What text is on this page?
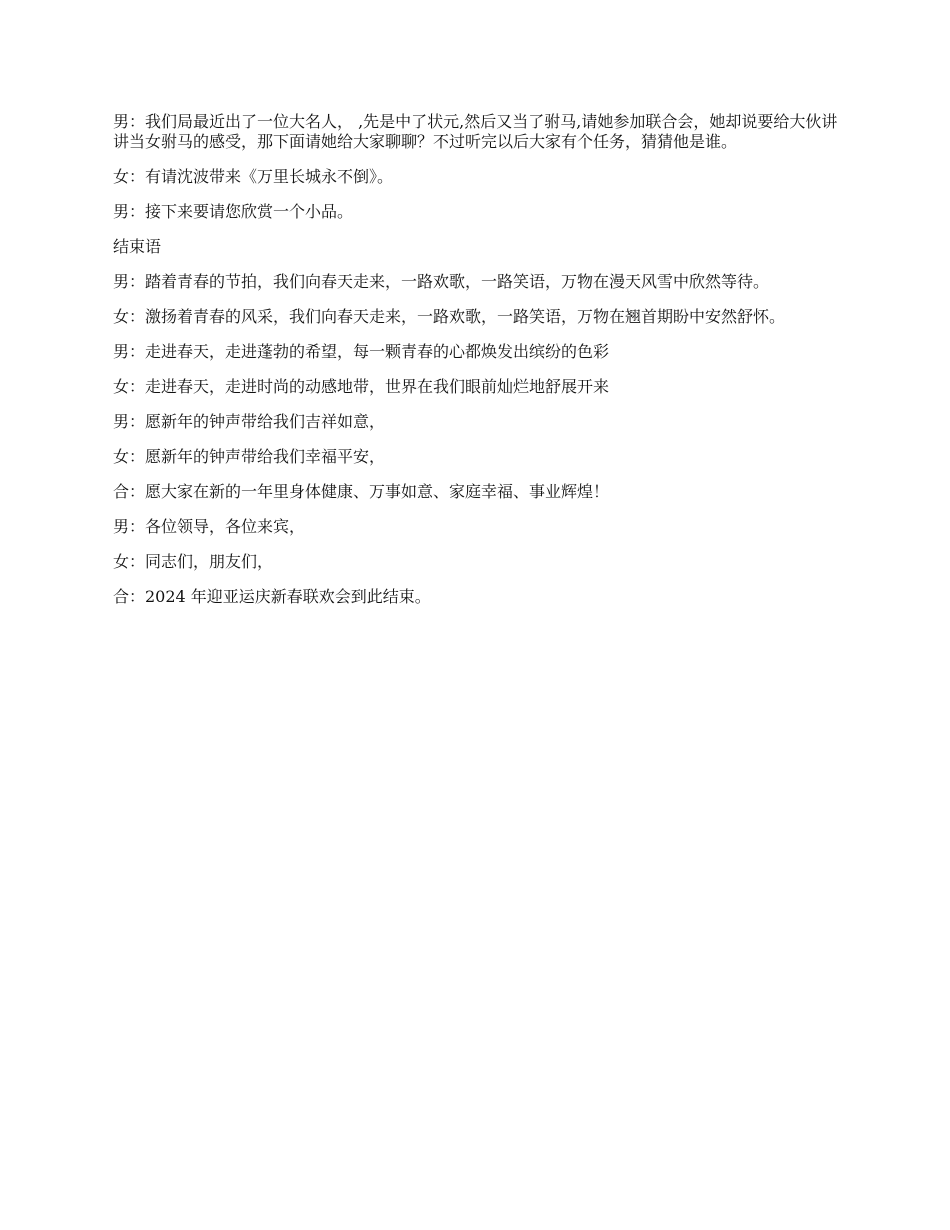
男：我们局最近出了一位大名人， ,先是中了状元,然后又当了驸马,请她参加联合会，她却说要给大伙讲讲当女驸马的感受，那下面请她给大家聊聊？不过听完以后大家有个任务，猜猜他是谁。

女：有请沈波带来《万里长城永不倒》。

男：接下来要请您欣赏一个小品。

结束语

男：踏着青春的节拍，我们向春天走来，一路欢歌，一路笑语，万物在漫天风雪中欣然等待。

女：激扬着青春的风采，我们向春天走来，一路欢歌，一路笑语，万物在翘首期盼中安然舒怀。

男：走进春天，走进蓬勃的希望，每一颗青春的心都焕发出缤纷的色彩

女：走进春天，走进时尚的动感地带，世界在我们眼前灿烂地舒展开来

男：愿新年的钟声带给我们吉祥如意，

女：愿新年的钟声带给我们幸福平安，

合：愿大家在新的一年里身体健康、万事如意、家庭幸福、事业辉煌！

男：各位领导，各位来宾，

女：同志们，朋友们，

合：2024 年迎亚运庆新春联欢会到此结束。
